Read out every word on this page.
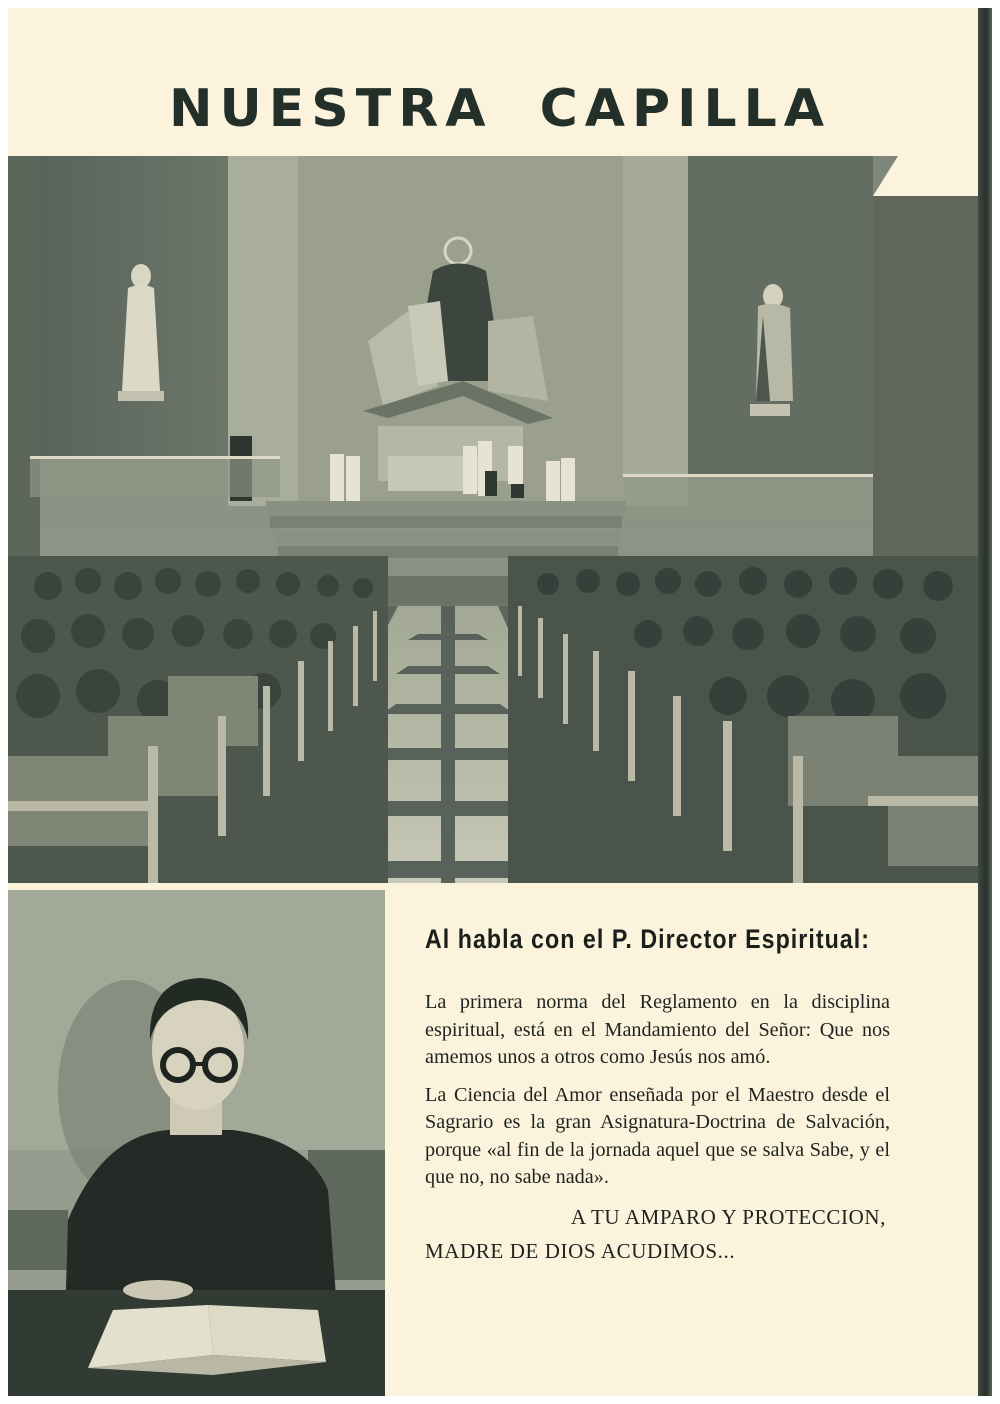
NUESTRA CAPILLA
Al habla con el P. Director Espiritual:

La primera norma del Reglamento en la disciplina espiritual, está en el Mandamiento del Señor: Que nos amemos unos a otros como Jesús nos amó.

La Ciencia del Amor enseñada por el Maestro desde el Sagrario es la gran Asignatura-Doctrina de Salvación, porque «al fin de la jornada aquel que se salva Sabe, y el que no, no sabe nada».

A TU AMPARO Y PROTECCION,
MADRE DE DIOS ACUDIMOS...
